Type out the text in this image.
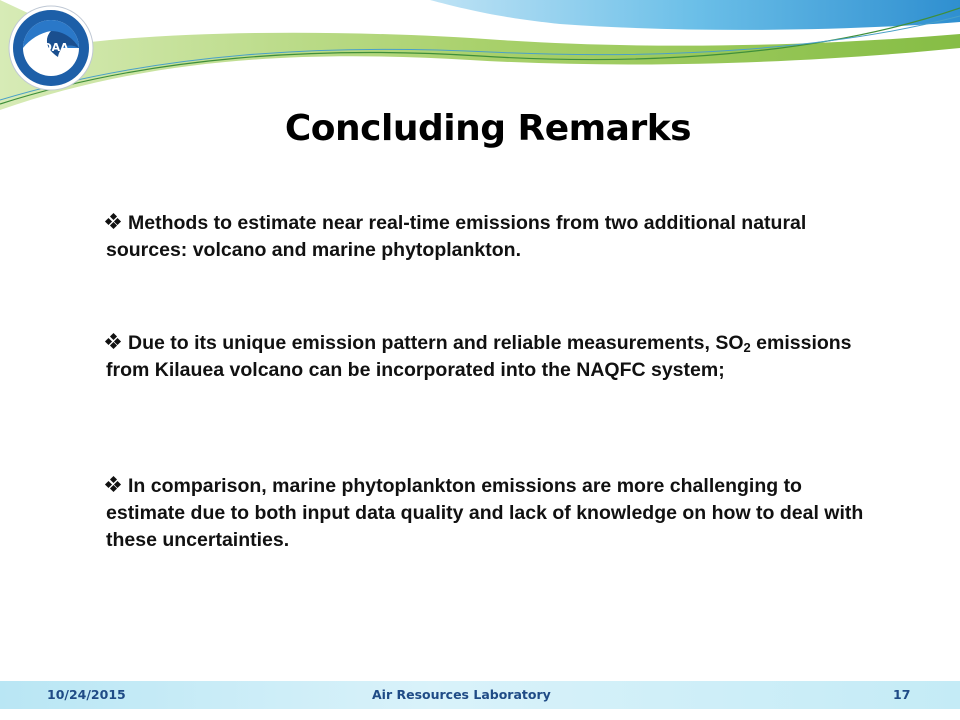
NOAA
Concluding Remarks
Methods to estimate near real-time emissions from two additional natural sources: volcano and marine phytoplankton.
Due to its unique emission pattern and reliable measurements, $SO_2$ emissions from Kilauea volcano can be incorporated into the NAQFC system;
In comparison, marine phytoplankton emissions are more challenging to estimate due to both input data quality and lack of knowledge on how to deal with these uncertainties.
10/24/2015	Air Resources Laboratory	17
